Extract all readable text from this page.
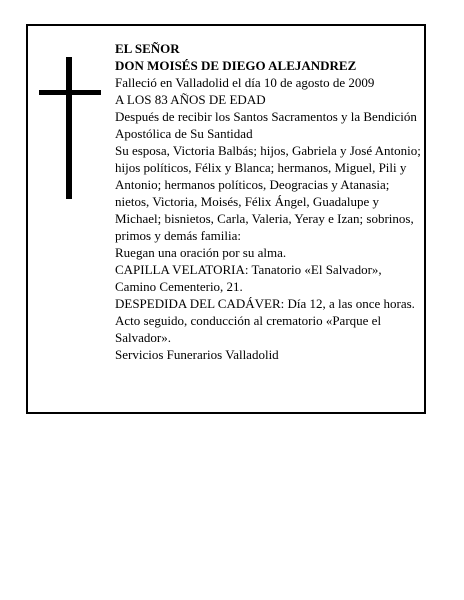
EL SEÑOR

DON MOISÉS DE DIEGO ALEJANDREZ

Falleció en Valladolid el día 10 de agosto de 2009

A LOS 83 AÑOS DE EDAD

Después de recibir los Santos Sacramentos y la Bendición Apostólica de Su Santidad

Su esposa, Victoria Balbás; hijos, Gabriela y José Antonio; hijos políticos, Félix y Blanca; hermanos, Miguel, Pili y Antonio; hermanos políticos, Deogracias y Atanasia; nietos, Victoria, Moisés, Félix Ángel, Guadalupe y Michael; bisnietos, Carla, Valeria, Yeray e Izan; sobrinos, primos y demás familia:

Ruegan una oración por su alma.

CAPILLA VELATORIA: Tanatorio «El Salvador», Camino Cementerio, 21.

DESPEDIDA DEL CADÁVER: Día 12, a las once horas. Acto seguido, conducción al crematorio «Parque el Salvador».

Servicios Funerarios Valladolid
